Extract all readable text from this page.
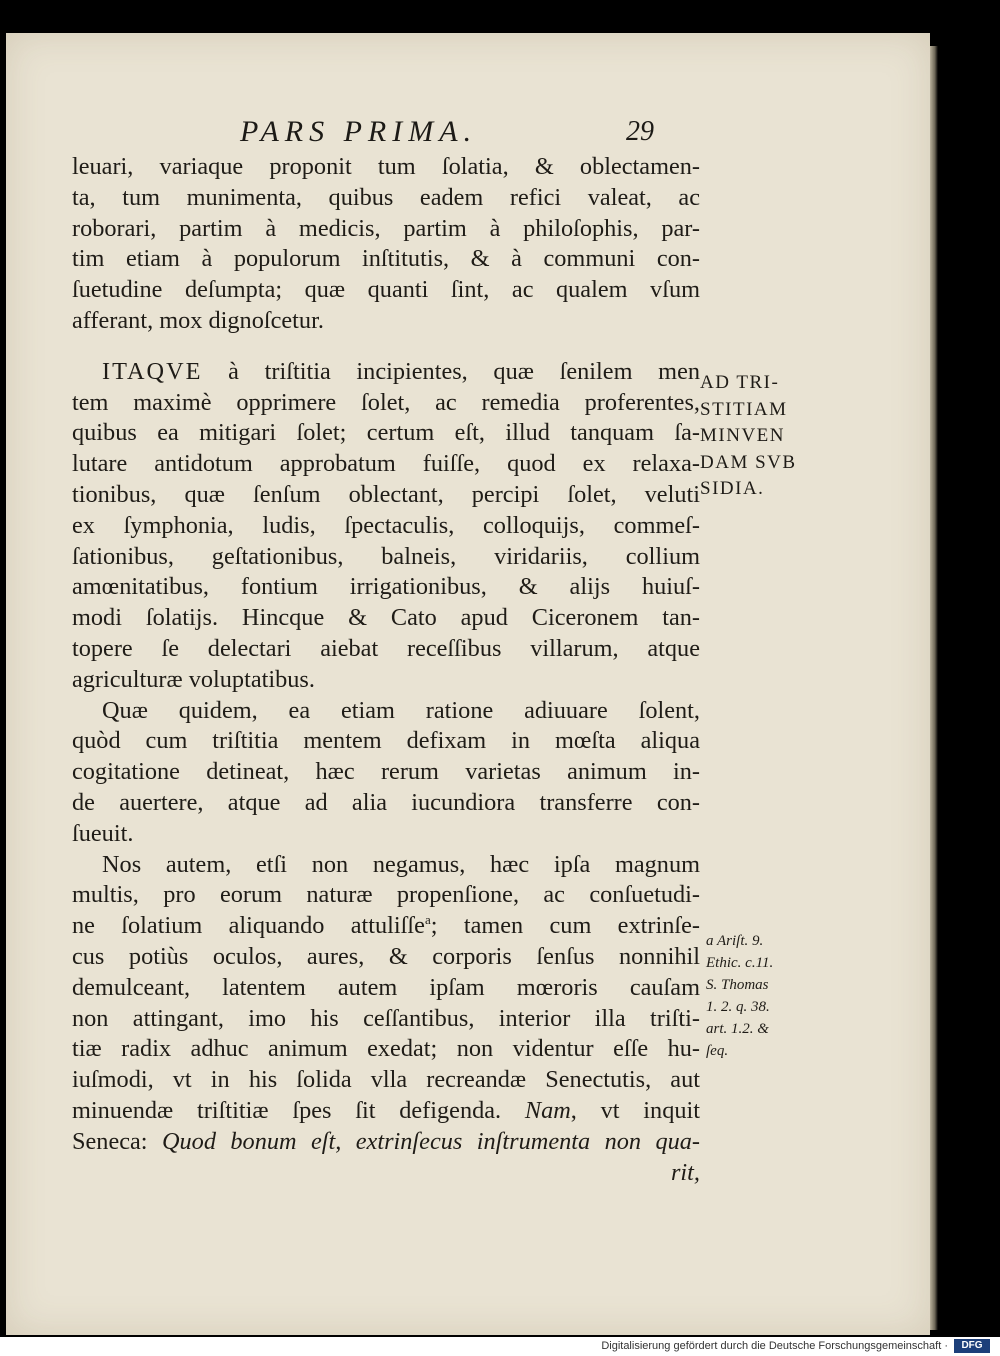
PARS PRIMA.	29

leuari, variaque proponit tum ſolatia, & oblectamen-
ta, tum munimenta, quibus eadem refici valeat, ac
roborari, partim à medicis, partim à philoſophis, par-
tim etiam à populorum inſtitutis, & à communi con-
ſuetudine deſumpta; quæ quanti ſint, ac qualem vſum
afferant, mox dignoſcetur.

ITAQVE à triſtitia incipientes, quæ ſenilem men
tem maximè opprimere ſolet, ac remedia proferentes,
quibus ea mitigari ſolet; certum eſt, illud tanquam ſa-
lutare antidotum approbatum fuiſſe, quod ex relaxa-
tionibus, quæ ſenſum oblectant, percipi ſolet, veluti
ex ſymphonia, ludis, ſpectaculis, colloquijs, commeſ-
ſationibus, geſtationibus, balneis, viridariis, collium
amœnitatibus, fontium irrigationibus, & alijs huiuſ-
modi ſolatijs. Hincque & Cato apud Ciceronem tan-
topere ſe delectari aiebat receſſibus villarum, atque
agriculturæ voluptatibus.

Quæ quidem, ea etiam ratione adiuuare ſolent,
quòd cum triſtitia mentem defixam in mœſta aliqua
cogitatione detineat, hæc rerum varietas animum in-
de auertere, atque ad alia iucundiora transferre con-
ſueuit.

Nos autem, etſi non negamus, hæc ipſa magnum
multis, pro eorum naturæ propenſione, ac conſuetudi-
ne ſolatium aliquando attuliſſe$^a$; tamen cum extrinſe-
cus potiùs oculos, aures, & corporis ſenſus nonnihil
demulceant, latentem autem ipſam mœroris cauſam
non attingant, imo his ceſſantibus, interior illa triſti-
tiæ radix adhuc animum exedat; non videntur eſſe hu-
iuſmodi, vt in his ſolida vlla recreandæ Senectutis, aut
minuendæ triſtitiæ ſpes ſit defigenda. Nam, vt inquit
Seneca: Quod bonum eſt, extrinſecus inſtrumenta non qua-
rit,

AD TRI-
STITIAM
MINVEN
DAM SVB
SIDIA.
a Ariſt. 9.
Ethic. c.11.
S. Thomas
1. 2. q. 38.
art. 1.2. &
ſeq.
Digitalisierung gefördert durch die Deutsche Forschungsgemeinschaft ·	DFG
